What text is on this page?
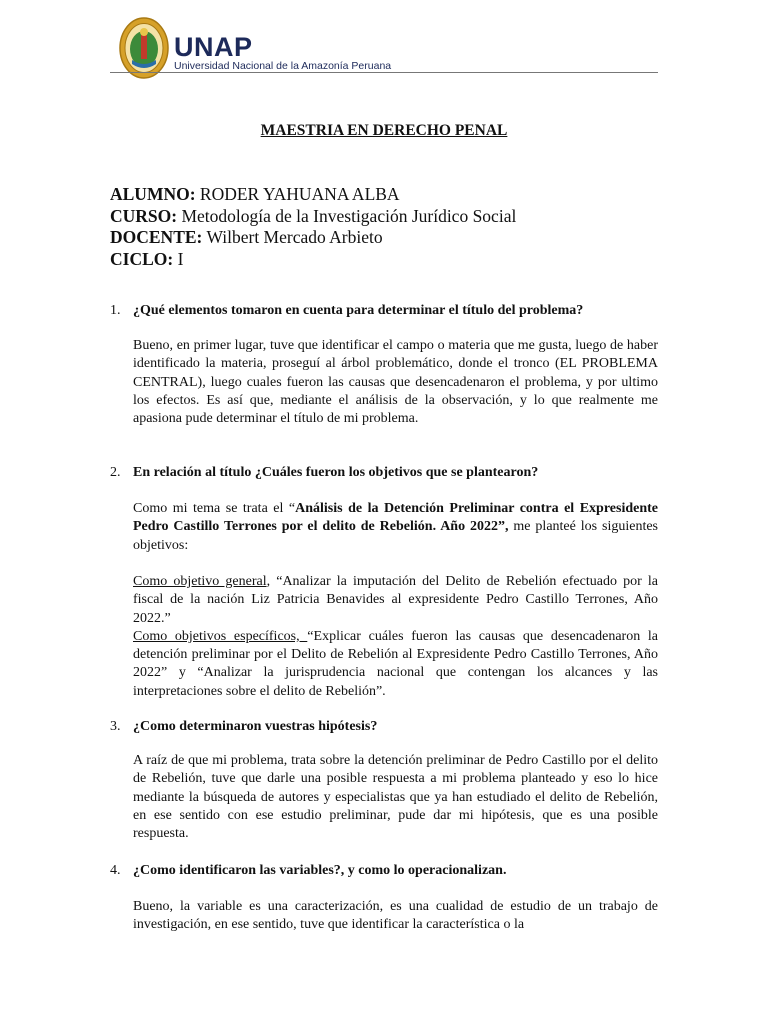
UNAP
Universidad Nacional de la Amazonía Peruana
MAESTRIA EN DERECHO PENAL
ALUMNO: RODER YAHUANA ALBA
CURSO: Metodología de la Investigación Jurídico Social
DOCENTE: Wilbert Mercado Arbieto
CICLO: I
1. ¿Qué elementos tomaron en cuenta para determinar el título del problema?
Bueno, en primer lugar, tuve que identificar el campo o materia que me gusta, luego de haber identificado la materia, proseguí al árbol problemático, donde el tronco (EL PROBLEMA CENTRAL), luego cuales fueron las causas que desencadenaron el problema, y por ultimo los efectos. Es así que, mediante el análisis de la observación, y lo que realmente me apasiona pude determinar el título de mi problema.
2. En relación al título ¿Cuáles fueron los objetivos que se plantearon?
Como mi tema se trata el “Análisis de la Detención Preliminar contra el Expresidente Pedro Castillo Terrones por el delito de Rebelión. Año 2022”, me planteé los siguientes objetivos:
Como objetivo general, “Analizar la imputación del Delito de Rebelión efectuado por la fiscal de la nación Liz Patricia Benavides al expresidente Pedro Castillo Terrones, Año 2022.”
Como objetivos específicos, “Explicar cuáles fueron las causas que desencadenaron la detención preliminar por el Delito de Rebelión al Expresidente Pedro Castillo Terrones, Año 2022” y “Analizar la jurisprudencia nacional que contengan los alcances y las interpretaciones sobre el delito de Rebelión”.
3. ¿Como determinaron vuestras hipótesis?
A raíz de que mi problema, trata sobre la detención preliminar de Pedro Castillo por el delito de Rebelión, tuve que darle una posible respuesta a mi problema planteado y eso lo hice mediante la búsqueda de autores y especialistas que ya han estudiado el delito de Rebelión, en ese sentido con ese estudio preliminar, pude dar mi hipótesis, que es una posible respuesta.
4. ¿Como identificaron las variables?, y como lo operacionalizan.
Bueno, la variable es una caracterización, es una cualidad de estudio de un trabajo de investigación, en ese sentido, tuve que identificar la característica o la
